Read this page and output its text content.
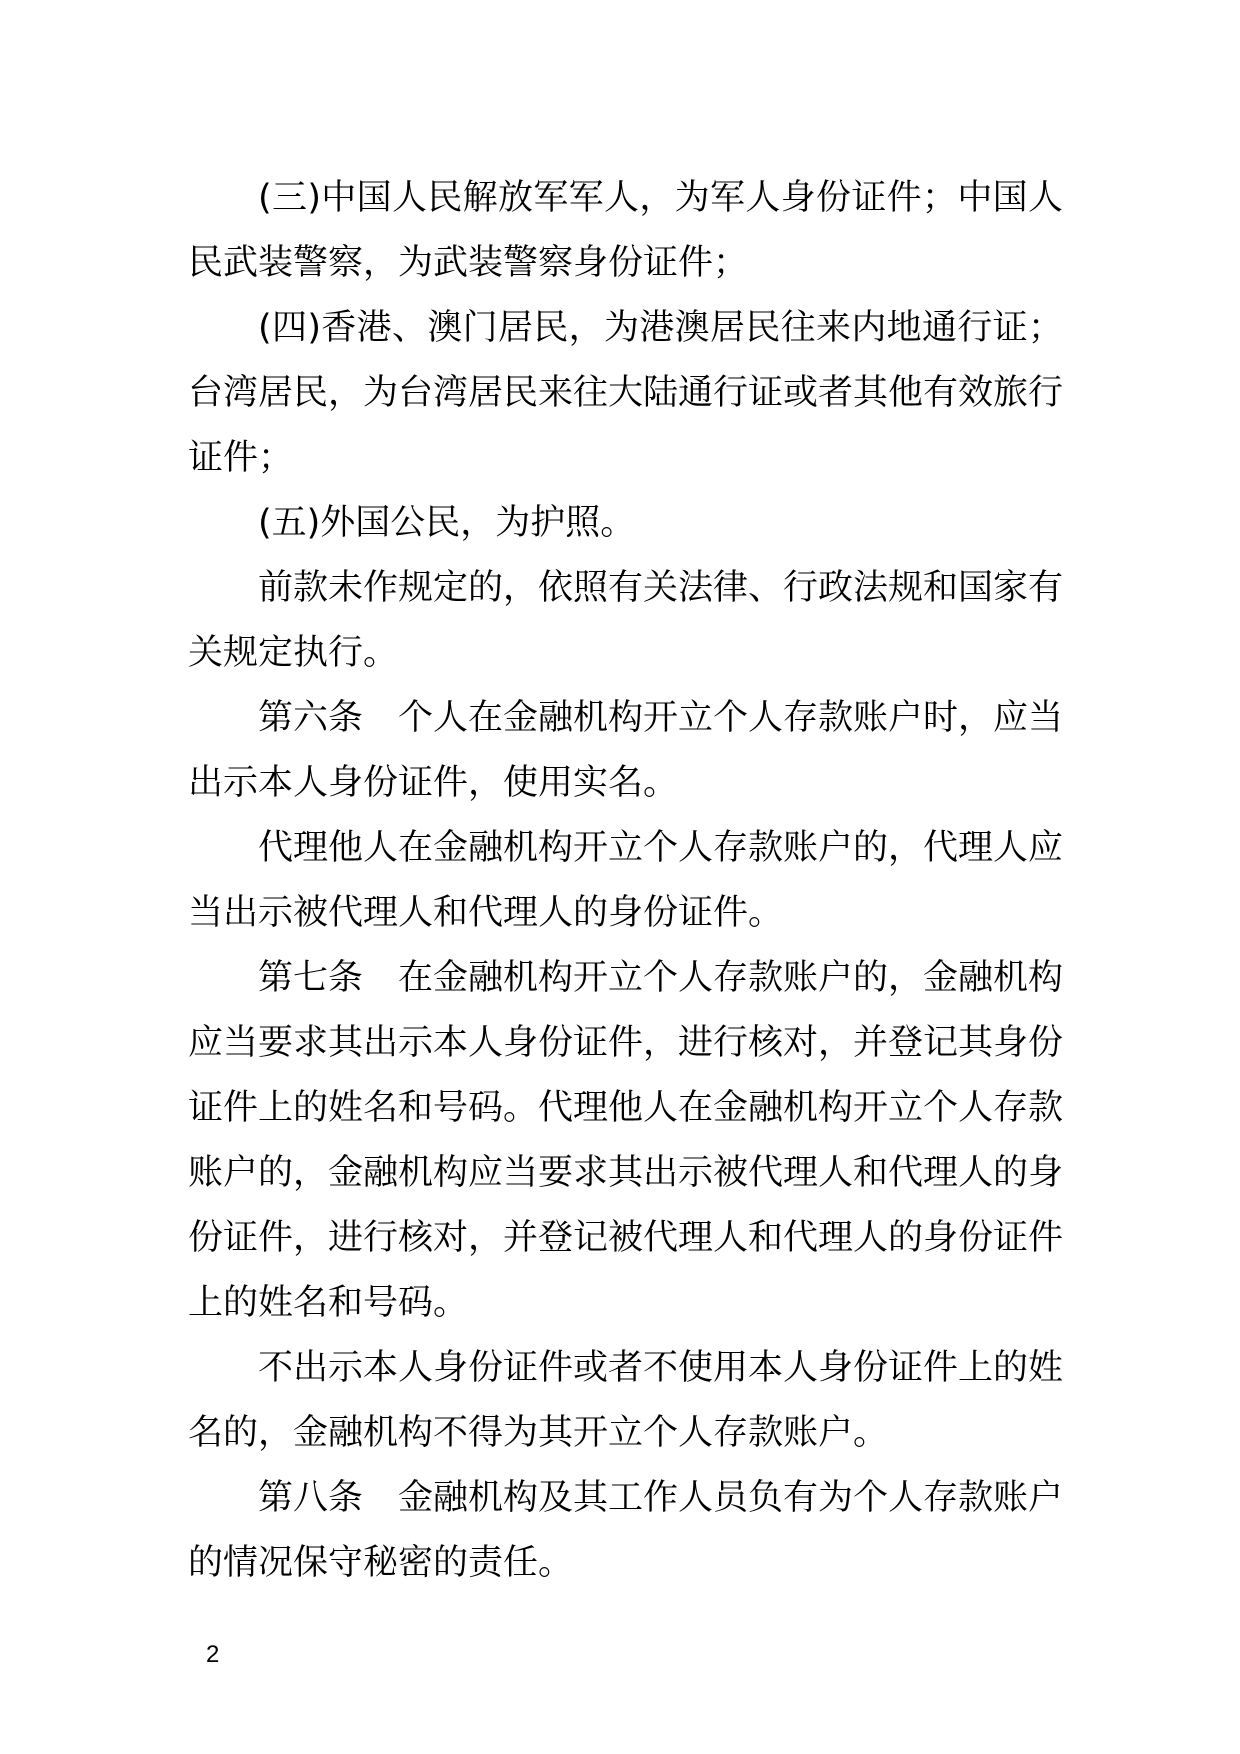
(三)中国人民解放军军人，为军人身份证件；中国人民武装警察，为武装警察身份证件；

(四)香港、澳门居民，为港澳居民往来内地通行证；台湾居民，为台湾居民来往大陆通行证或者其他有效旅行证件；

(五)外国公民，为护照。

前款未作规定的，依照有关法律、行政法规和国家有关规定执行。

第六条　个人在金融机构开立个人存款账户时，应当出示本人身份证件，使用实名。

代理他人在金融机构开立个人存款账户的，代理人应当出示被代理人和代理人的身份证件。

第七条　在金融机构开立个人存款账户的，金融机构应当要求其出示本人身份证件，进行核对，并登记其身份证件上的姓名和号码。代理他人在金融机构开立个人存款账户的，金融机构应当要求其出示被代理人和代理人的身份证件，进行核对，并登记被代理人和代理人的身份证件上的姓名和号码。

不出示本人身份证件或者不使用本人身份证件上的姓名的，金融机构不得为其开立个人存款账户。

第八条　金融机构及其工作人员负有为个人存款账户的情况保守秘密的责任。

2
